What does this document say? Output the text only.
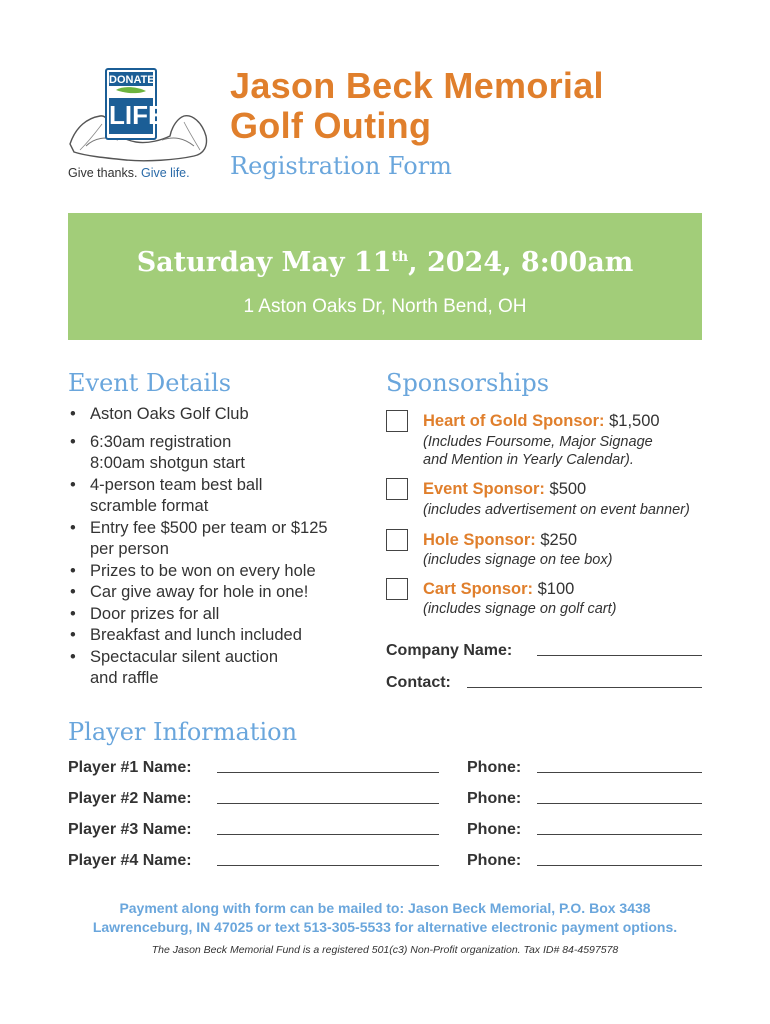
DONATE
LIFE
Give thanks. Give life.
Jason Beck Memorial
Golf Outing
Registration Form
Saturday May 11th, 2024, 8:00am
1 Aston Oaks Dr, North Bend, OH
Event Details
• Aston Oaks Golf Club
• 6:30am registration
8:00am shotgun start
• 4-person team best ball
scramble format
• Entry fee $500 per team or $125
per person
• Prizes to be won on every hole
• Car give away for hole in one!
• Door prizes for all
• Breakfast and lunch included
• Spectacular silent auction
and raffle
Sponsorships
Heart of Gold Sponsor: $1,500
(Includes Foursome, Major Signage
and Mention in Yearly Calendar).
Event Sponsor: $500
(includes advertisement on event banner)
Hole Sponsor: $250
(includes signage on tee box)
Cart Sponsor: $100
(includes signage on golf cart)
Company Name:
Contact:
Player Information
Player #1 Name:	Phone:
Player #2 Name:	Phone:
Player #3 Name:	Phone:
Player #4 Name:	Phone:
Payment along with form can be mailed to: Jason Beck Memorial, P.O. Box 3438
Lawrenceburg, IN 47025 or text 513-305-5533 for alternative electronic payment options.
The Jason Beck Memorial Fund is a registered 501(c3) Non-Profit organization. Tax ID# 84-4597578
